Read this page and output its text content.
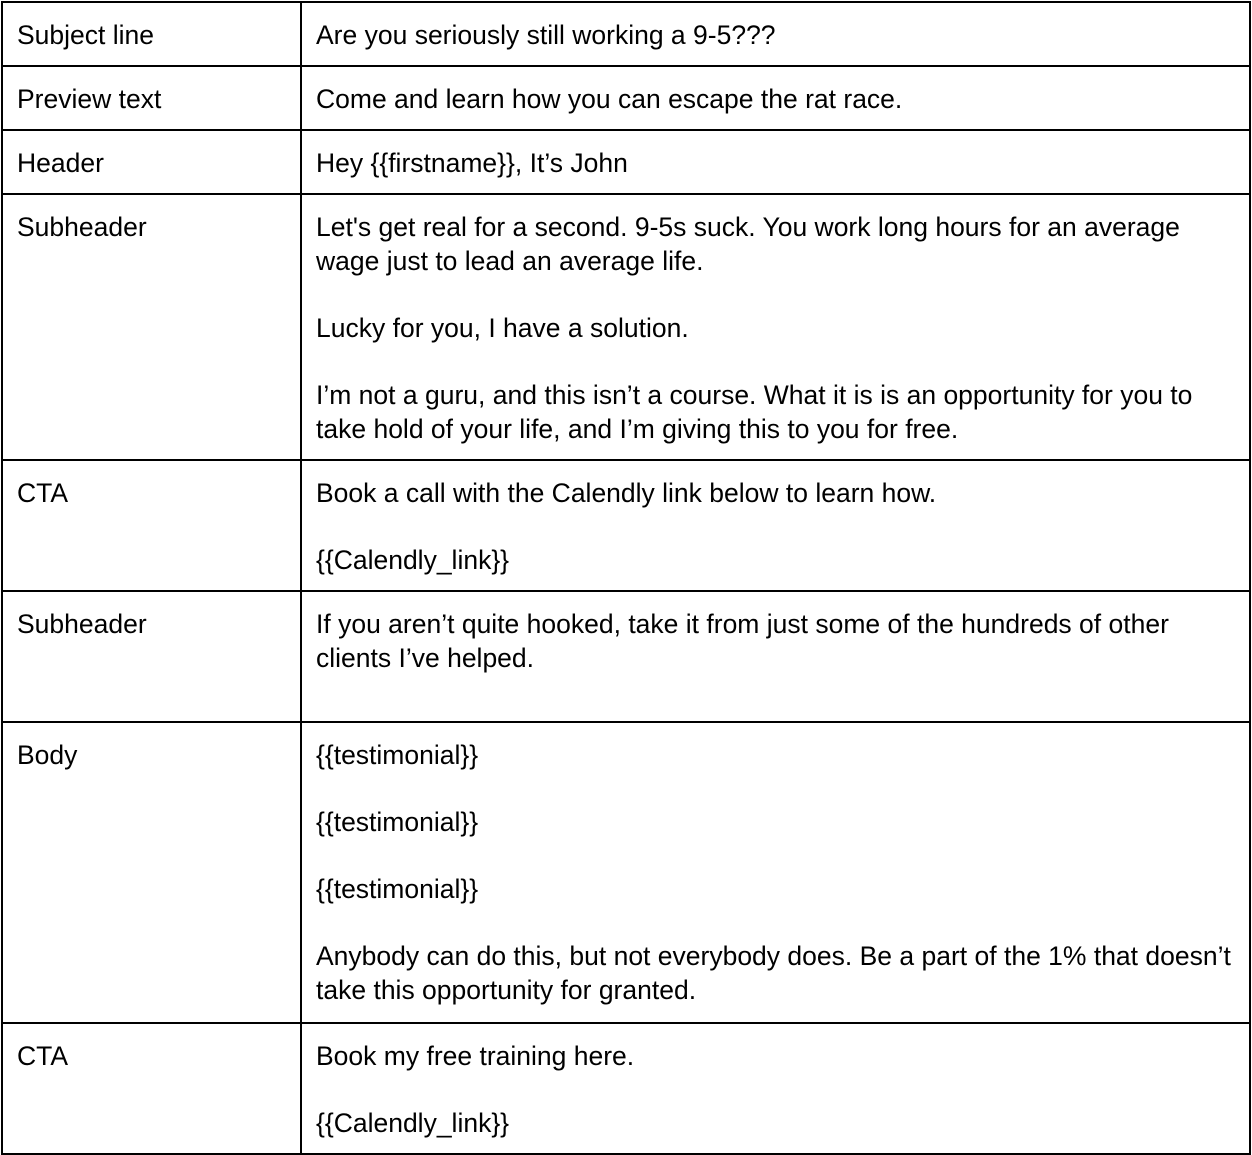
Subject line	Are you seriously still working a 9-5???

Preview text	Come and learn how you can escape the rat race.

Header	Hey {{firstname}}, It’s John

Subheader	Let's get real for a second. 9-5s suck. You work long hours for an average wage just to lead an average life.

Lucky for you, I have a solution.

I’m not a guru, and this isn’t a course. What it is is an opportunity for you to take hold of your life, and I’m giving this to you for free.

CTA	Book a call with the Calendly link below to learn how.

{{Calendly_link}}

Subheader	If you aren’t quite hooked, take it from just some of the hundreds of other clients I’ve helped.

Body	{{testimonial}}

{{testimonial}}

{{testimonial}}

Anybody can do this, but not everybody does. Be a part of the 1% that doesn’t take this opportunity for granted.

CTA	Book my free training here.

{{Calendly_link}}
